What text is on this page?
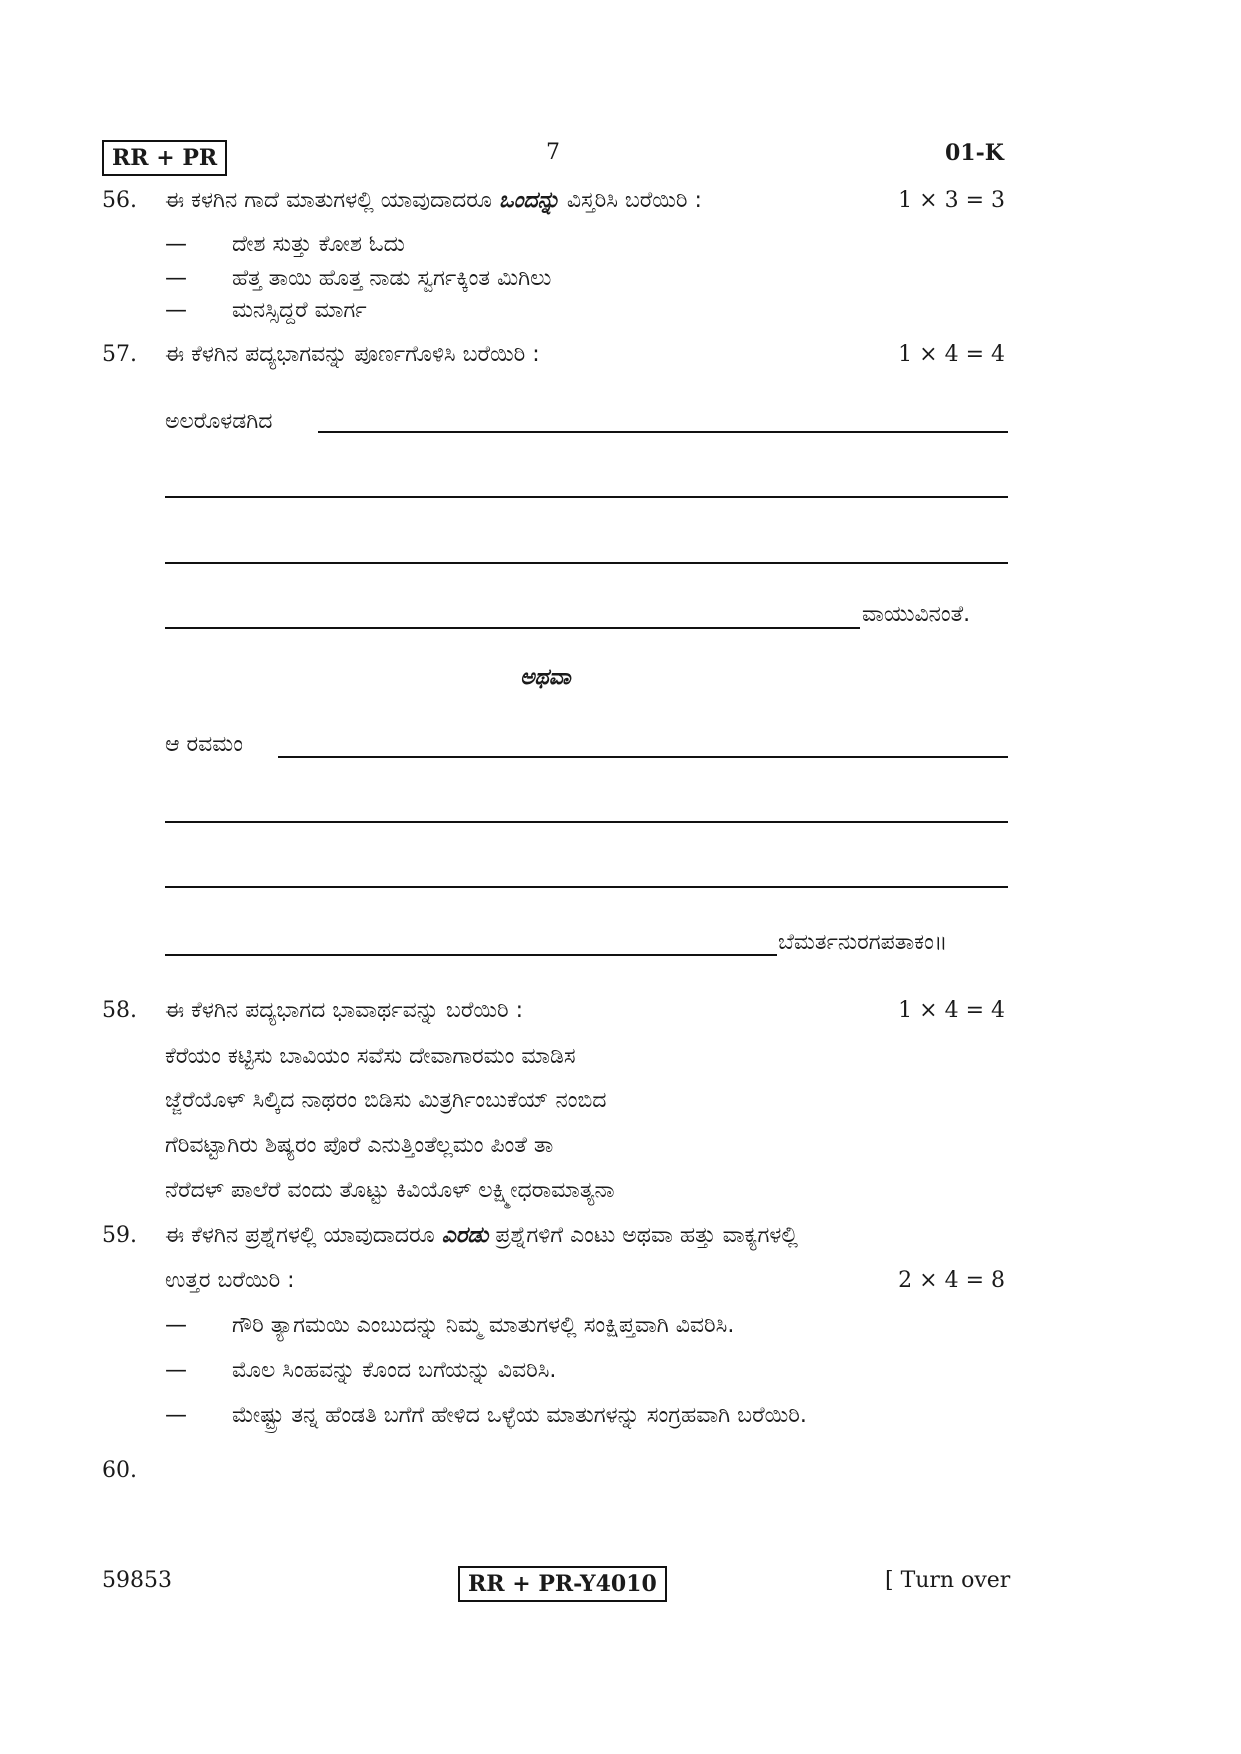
RR + PR	7	01-K
56. ಈ ಕಳಗಿನ ಗಾದೆ ಮಾತುಗಳಲ್ಲಿ ಯಾವುದಾದರೂ ಒಂದನ್ನು ವಿಸ್ತರಿಸಿ ಬರೆಯಿರಿ :	1 × 3 = 3
— ದೇಶ ಸುತ್ತು ಕೋಶ ಓದು
— ಹೆತ್ತ ತಾಯಿ ಹೊತ್ತ ನಾಡು ಸ್ವರ್ಗಕ್ಕಿಂತ ಮಿಗಿಲು
— ಮನಸ್ಸಿದ್ದರೆ ಮಾರ್ಗ
57. ಈ ಕೆಳಗಿನ ಪದ್ಯಭಾಗವನ್ನು ಪೂರ್ಣಗೊಳಿಸಿ ಬರೆಯಿರಿ :	1 × 4 = 4
ಅಲರೊಳಡಗಿದ
ವಾಯುವಿನಂತೆ.
ಅಥವಾ
ಆ ರವಮಂ
ಬೆಮರ್ತನುರಗಪತಾಕಂ॥
58. ಈ ಕೆಳಗಿನ ಪದ್ಯಭಾಗದ ಭಾವಾರ್ಥವನ್ನು ಬರೆಯಿರಿ :	1 × 4 = 4
ಕೆರೆಯಂ ಕಟ್ಟಿಸು ಬಾವಿಯಂ ಸವೆಸು ದೇವಾಗಾರಮಂ ಮಾಡಿಸ
ಜ್ಜೆರೆಯೊಳ್ ಸಿಲ್ಕಿದ ನಾಥರಂ ಬಿಡಿಸು ಮಿತ್ರರ್ಗಿಂಬುಕೆಯ್ ನಂಬಿದ
ಗೆರಿವಟ್ಟಾಗಿರು ಶಿಷ್ಯರಂ ಪೊರೆ ಎನುತ್ತಿಂತೆಲ್ಲಮಂ ಪಿಂತೆ ತಾ
ನೆರೆದಳ್ ಪಾಲೆರೆ ವಂದು ತೊಟ್ಟು ಕಿವಿಯೊಳ್ ಲಕ್ಷ್ಮೀಧರಾಮಾತ್ಯನಾ
59. ಈ ಕೆಳಗಿನ ಪ್ರಶ್ನೆಗಳಲ್ಲಿ ಯಾವುದಾದರೂ ಎರಡು ಪ್ರಶ್ನೆಗಳಿಗೆ ಎಂಟು ಅಥವಾ ಹತ್ತು ವಾಕ್ಯಗಳಲ್ಲಿ
ಉತ್ತರ ಬರೆಯಿರಿ :	2 × 4 = 8
— ಗೌರಿ ತ್ಯಾಗಮಯಿ ಎಂಬುದನ್ನು ನಿಮ್ಮ ಮಾತುಗಳಲ್ಲಿ ಸಂಕ್ಷಿಪ್ತವಾಗಿ ವಿವರಿಸಿ.
— ಮೊಲ ಸಿಂಹವನ್ನು ಕೊಂದ ಬಗೆಯನ್ನು ವಿವರಿಸಿ.
— ಮೇಷ್ಟ್ರು ತನ್ನ ಹೆಂಡತಿ ಬಗೆಗೆ ಹೇಳಿದ ಒಳ್ಳೆಯ ಮಾತುಗಳನ್ನು ಸಂಗ್ರಹವಾಗಿ ಬರೆಯಿರಿ.
60.
59853	RR + PR-Y4010	[ Turn over
